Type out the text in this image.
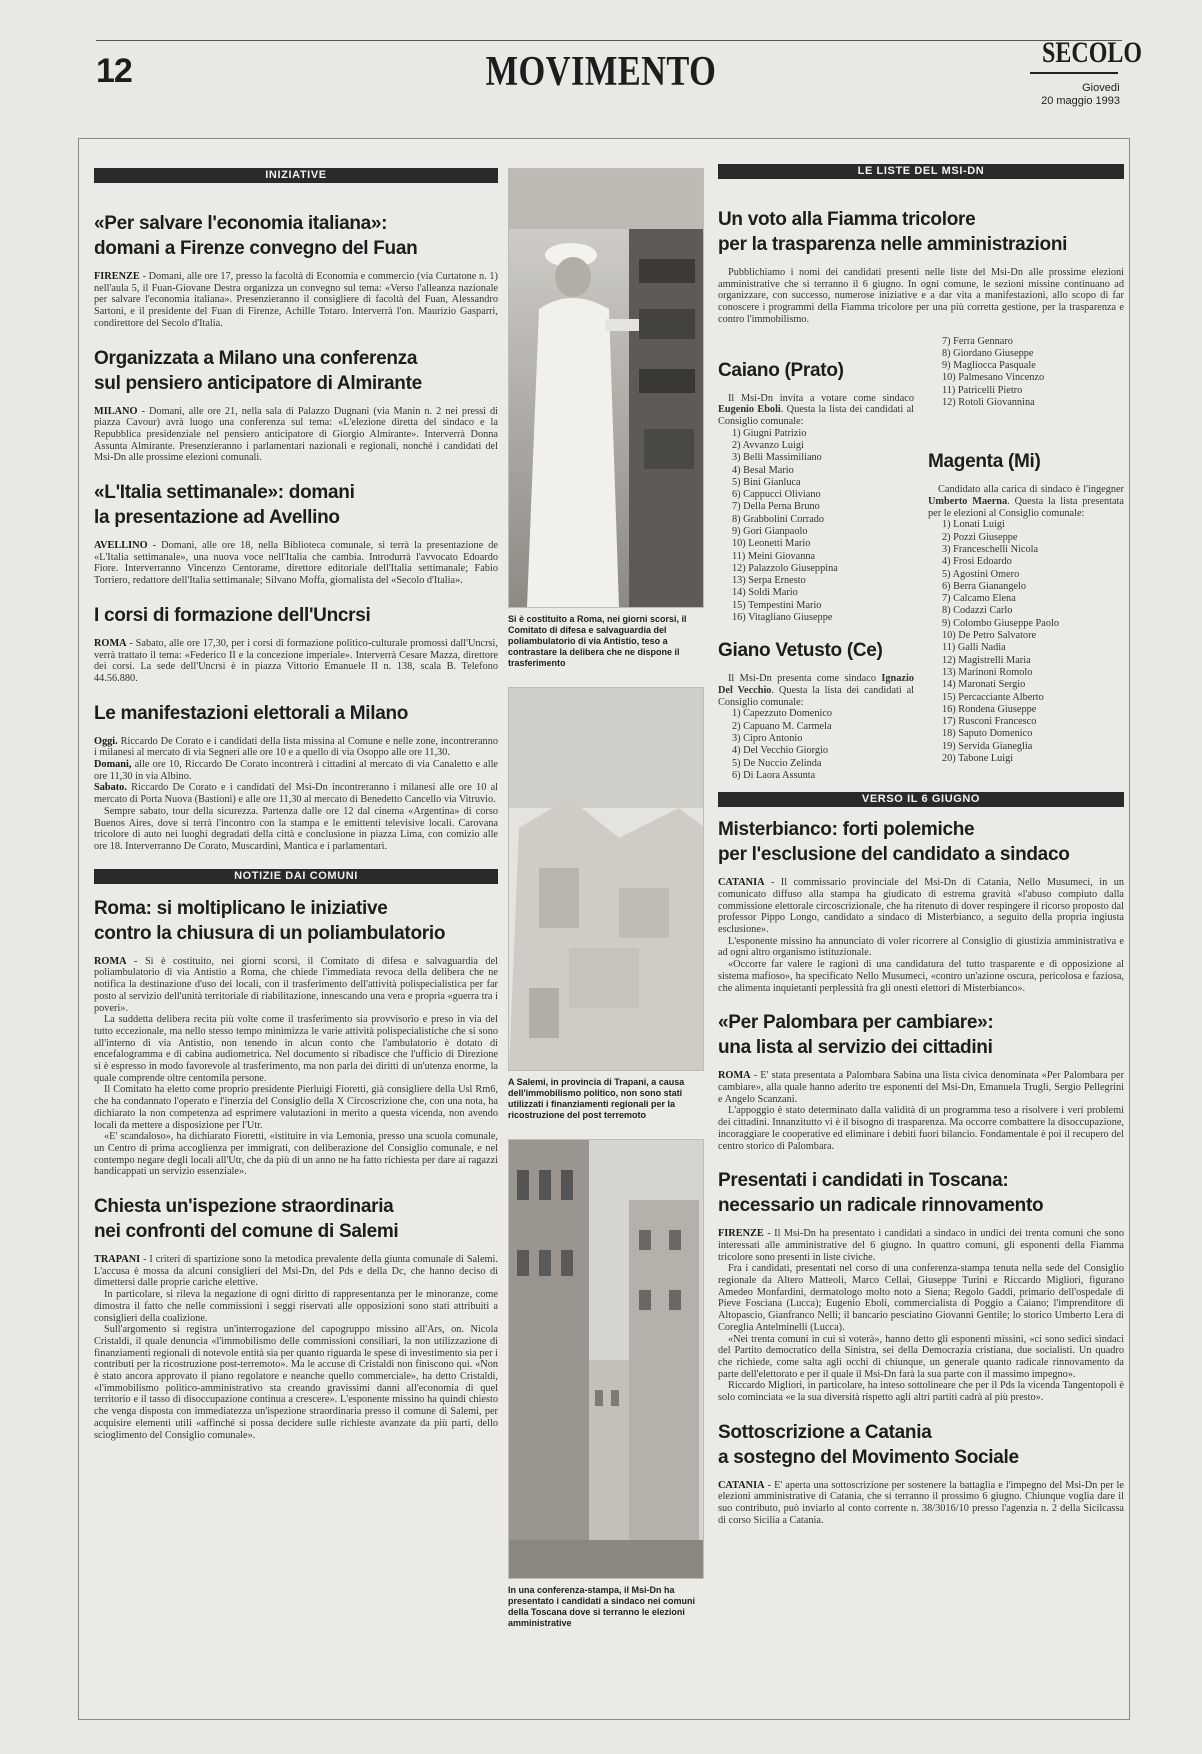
12	MOVIMENTO	SECOLO
Giovedì
20 maggio 1993
INIZIATIVE
«Per salvare l'economia italiana»:
domani a Firenze convegno del Fuan
FIRENZE - Domani, alle ore 17, presso la facoltà di Economia e commercio (via Curtatone n. 1) nell'aula 5, il Fuan-Giovane Destra organizza un convegno sul tema: «Verso l'alleanza nazionale per salvare l'economia italiana». Presenzieranno il consigliere di facoltà del Fuan, Alessandro Sartoni, e il presidente del Fuan di Firenze, Achille Totaro. Interverrà l'on. Maurizio Gasparri, condirettore del Secolo d'Italia.
Organizzata a Milano una conferenza
sul pensiero anticipatore di Almirante
MILANO - Domani, alle ore 21, nella sala di Palazzo Dugnani (via Manin n. 2 nei pressi di piazza Cavour) avrà luogo una conferenza sul tema: «L'elezione diretta del sindaco e la Repubblica presidenziale nel pensiero anticipatore di Giorgio Almirante». Interverrà Donna Assunta Almirante. Presenzieranno i parlamentari nazionali e regionali, nonché i candidati del Msi-Dn alle prossime elezioni comunali.
«L'Italia settimanale»: domani
la presentazione ad Avellino
AVELLINO - Domani, alle ore 18, nella Biblioteca comunale, si terrà la presentazione de «L'Italia settimanale», una nuova voce nell'Italia che cambia. Introdurrà l'avvocato Edoardo Fiore. Interverranno Vincenzo Centorame, direttore editoriale dell'Italia settimanale; Fabio Torriero, redattore dell'Italia settimanale; Silvano Moffa, giornalista del «Secolo d'Italia».
I corsi di formazione dell'Uncrsi
ROMA - Sabato, alle ore 17,30, per i corsi di formazione politico-culturale promossi dall'Uncrsi, verrà trattato il tema: «Federico II e la concezione imperiale». Interverrà Cesare Mazza, direttore dei corsi. La sede dell'Uncrsi è in piazza Vittorio Emanuele II n. 138, scala B. Telefono 44.56.880.
Le manifestazioni elettorali a Milano

Oggi. Riccardo De Corato e i candidati della lista missina al Comune e nelle zone, incontreranno i milanesi al mercato di via Segneri alle ore 10 e a quello di via Osoppo alle ore 11,30.

Domani, alle ore 10, Riccardo De Corato incontrerà i cittadini al mercato di via Canaletto e alle ore 11,30 in via Albino.

Sabato. Riccardo De Corato e i candidati del Msi-Dn incontreranno i milanesi alle ore 10 al mercato di Porta Nuova (Bastioni) e alle ore 11,30 al mercato di Benedetto Cancello via Vitruvio.

Sempre sabato, tour della sicurezza. Partenza dalle ore 12 dal cinema «Argentina» di corso Buenos Aires, dove si terrà l'incontro con la stampa e le emittenti televisive locali. Carovana tricolore di auto nei luoghi degradati della città e conclusione in piazza Lima, con comizio alle ore 18. Interverranno De Corato, Muscardini, Mantica e i parlamentari.

NOTIZIE DAI COMUNI
Roma: si moltiplicano le iniziative
contro la chiusura di un poliambulatorio

ROMA - Si è costituito, nei giorni scorsi, il Comitato di difesa e salvaguardia del poliambulatorio di via Antistio a Roma, che chiede l'immediata revoca della delibera che ne notifica la destinazione d'uso dei locali, con il trasferimento dell'attività polispecialistica per far posto al servizio dell'unità territoriale di riabilitazione, innescando una vera e propria «guerra tra i poveri».

La suddetta delibera recita più volte come il trasferimento sia provvisorio e preso in via del tutto eccezionale, ma nello stesso tempo minimizza le varie attività polispecialistiche che si sono all'interno di via Antistio, non tenendo in alcun conto che l'ambulatorio è dotato di encefalogramma e di cabina audiometrica. Nel documento si ribadisce che l'ufficio di Direzione si è espresso in modo favorevole al trasferimento, ma non parla dei diritti di un'utenza enorme, la quale comprende oltre centomila persone.

Il Comitato ha eletto come proprio presidente Pierluigi Fioretti, già consigliere della Usl Rm6, che ha condannato l'operato e l'inerzia del Consiglio della X Circoscrizione che, con una nota, ha dichiarato la non competenza ad esprimere valutazioni in merito a questa vicenda, non avendo locali da mettere a disposizione per l'Utr.

«E' scandaloso», ha dichiarato Fioretti, «istituire in via Lemonia, presso una scuola comunale, un Centro di prima accoglienza per immigrati, con deliberazione del Consiglio comunale, e nel contempo negare degli locali all'Utr, che da più di un anno ne ha fatto richiesta per dare ai ragazzi handicappati un servizio essenziale».

Chiesta un'ispezione straordinaria
nei confronti del comune di Salemi

TRAPANI - I criteri di spartizione sono la metodica prevalente della giunta comunale di Salemi. L'accusa è mossa da alcuni consiglieri del Msi-Dn, del Pds e della Dc, che hanno deciso di dimettersi dalle proprie cariche elettive.

In particolare, si rileva la negazione di ogni diritto di rappresentanza per le minoranze, come dimostra il fatto che nelle commissioni i seggi riservati alle opposizioni sono stati attribuiti a consiglieri della coalizione.

Sull'argomento si registra un'interrogazione del capogruppo missino all'Ars, on. Nicola Cristaldi, il quale denuncia «l'immobilismo delle commissioni consiliari, la non utilizzazione di finanziamenti regionali di notevole entità sia per quanto riguarda le spese di investimento sia per i contributi per la ricostruzione post-terremoto». Ma le accuse di Cristaldi non finiscono qui. «Non è stato ancora approvato il piano regolatore e neanche quello commerciale», ha detto Cristaldi, «l'immobilismo politico-amministrativo sta creando gravissimi danni all'economia di quel territorio e il tasso di disoccupazione continua a crescere». L'esponente missino ha quindi chiesto che venga disposta con immediatezza un'ispezione straordinaria presso il comune di Salemi, per acquisire elementi utili «affinché si possa decidere sulle richieste avanzate da più parti, dello scioglimento del Consiglio comunale».

Si è costituito a Roma, nei giorni scorsi, il Comitato di difesa e salvaguardia del poliambulatorio di via Antistio, teso a contrastare la delibera che ne dispone il trasferimento
A Salemi, in provincia di Trapani, a causa dell'immobilismo politico, non sono stati utilizzati i finanziamenti regionali per la ricostruzione del post terremoto
In una conferenza-stampa, il Msi-Dn ha presentato i candidati a sindaco nei comuni della Toscana dove si terranno le elezioni amministrative
LE LISTE DEL MSI-DN
Un voto alla Fiamma tricolore
per la trasparenza nelle amministrazioni

Pubblichiamo i nomi dei candidati presenti nelle liste del Msi-Dn alle prossime elezioni amministrative che si terranno il 6 giugno. In ogni comune, le sezioni missine continuano ad organizzare, con successo, numerose iniziative e a dar vita a manifestazioni, allo scopo di far conoscere i programmi della Fiamma tricolore per una più corretta gestione, per la trasparenza e contro l'immobilismo.

Caiano (Prato)

Il Msi-Dn invita a votare come sindaco Eugenio Eboli. Questa la lista dei candidati al Consiglio comunale:

1) Giugni Patrizio
2) Avvanzo Luigi
3) Belli Massimiliano
4) Besal Mario
5) Bini Gianluca
6) Cappucci Oliviano
7) Della Perna Bruno
8) Grabbolini Corrado
9) Gori Gianpaolo
10) Leonetti Mario
11) Meini Giovanna
12) Palazzolo Giuseppina
13) Serpa Ernesto
14) Soldi Mario
15) Tempestini Mario
16) Vitagliano Giuseppe
Giano Vetusto (Ce)

Il Msi-Dn presenta come sindaco Ignazio Del Vecchio. Questa la lista dei candidati al Consiglio comunale:

1) Capezzuto Domenico
2) Capuano M. Carmela
3) Cipro Antonio
4) Del Vecchio Giorgio
5) De Nuccio Zelinda
6) Di Laora Assunta
7) Ferra Gennaro
8) Giordano Giuseppe
9) Magliocca Pasquale
10) Palmesano Vincenzo
11) Patricelli Pietro
12) Rotoli Giovannina
Magenta (Mi)

Candidato alla carica di sindaco è l'ingegner Umberto Maerna. Questa la lista presentata per le elezioni al Consiglio comunale:

1) Lonati Luigi
2) Pozzi Giuseppe
3) Franceschelli Nicola
4) Frosi Edoardo
5) Agostini Omero
6) Berra Gianangelo
7) Calcamo Elena
8) Codazzi Carlo
9) Colombo Giuseppe Paolo
10) De Petro Salvatore
11) Galli Nadia
12) Magistrelli Maria
13) Marinoni Romolo
14) Maronati Sergio
15) Percacciante Alberto
16) Rondena Giuseppe
17) Rusconi Francesco
18) Saputo Domenico
19) Servida Gianeglia
20) Tabone Luigi
VERSO IL 6 GIUGNO
Misterbianco: forti polemiche
per l'esclusione del candidato a sindaco

CATANIA - Il commissario provinciale del Msi-Dn di Catania, Nello Musumeci, in un comunicato diffuso alla stampa ha giudicato di estrema gravità «l'abuso compiuto dalla commissione elettorale circoscrizionale, che ha ritenuto di dover respingere il ricorso proposto dal professor Pippo Longo, candidato a sindaco di Misterbianco, a seguito della propria ingiusta esclusione».

L'esponente missino ha annunciato di voler ricorrere al Consiglio di giustizia amministrativa e ad ogni altro organismo istituzionale.

«Occorre far valere le ragioni di una candidatura del tutto trasparente e di opposizione al sistema mafioso», ha specificato Nello Musumeci, «contro un'azione oscura, pericolosa e faziosa, che alimenta inquietanti perplessità fra gli onesti elettori di Misterbianco».

«Per Palombara per cambiare»:
una lista al servizio dei cittadini

ROMA - E' stata presentata a Palombara Sabina una lista civica denominata «Per Palombara per cambiare», alla quale hanno aderito tre esponenti del Msi-Dn, Emanuela Trugli, Sergio Pellegrini e Angelo Scanzani.

L'appoggio è stato determinato dalla validità di un programma teso a risolvere i veri problemi dei cittadini. Innanzitutto vi è il bisogno di trasparenza. Ma occorre combattere la disoccupazione, incoraggiare le cooperative ed eliminare i debiti fuori bilancio. Fondamentale è poi il recupero del centro storico di Palombara.

Presentati i candidati in Toscana:
necessario un radicale rinnovamento

FIRENZE - Il Msi-Dn ha presentato i candidati a sindaco in undici dei trenta comuni che sono interessati alle amministrative del 6 giugno. In quattro comuni, gli esponenti della Fiamma tricolore sono presenti in liste civiche.

Fra i candidati, presentati nel corso di una conferenza-stampa tenuta nella sede del Consiglio regionale da Altero Matteoli, Marco Cellai, Giuseppe Turini e Riccardo Migliori, figurano Amedeo Monfardini, dermatologo molto noto a Siena; Regolo Gaddi, primario dell'ospedale di Pieve Fosciana (Lucca); Eugenio Eboli, commercialista di Poggio a Caiano; l'imprenditore di Altopascio, Gianfranco Nelli; il bancario pesciatino Giovanni Gentile; lo storico Umberto Lera di Coreglia Antelminelli (Lucca).

«Nei trenta comuni in cui si voterà», hanno detto gli esponenti missini, «ci sono sedici sindaci del Partito democratico della Sinistra, sei della Democrazia cristiana, due socialisti. Un quadro che richiede, come salta agli occhi di chiunque, un generale quanto radicale rinnovamento da parte dell'elettorato e per il quale il Msi-Dn farà la sua parte con il massimo impegno».

Riccardo Migliori, in particolare, ha inteso sottolineare che per il Pds la vicenda Tangentopoli è solo cominciata «e la sua diversità rispetto agli altri partiti cadrà al più presto».

Sottoscrizione a Catania
a sostegno del Movimento Sociale

CATANIA - E' aperta una sottoscrizione per sostenere la battaglia e l'impegno del Msi-Dn per le elezioni amministrative di Catania, che si terranno il prossimo 6 giugno. Chiunque voglia dare il suo contributo, può inviarlo al conto corrente n. 38/3016/10 presso l'agenzia n. 2 della Sicilcassa di corso Sicilia a Catania.
